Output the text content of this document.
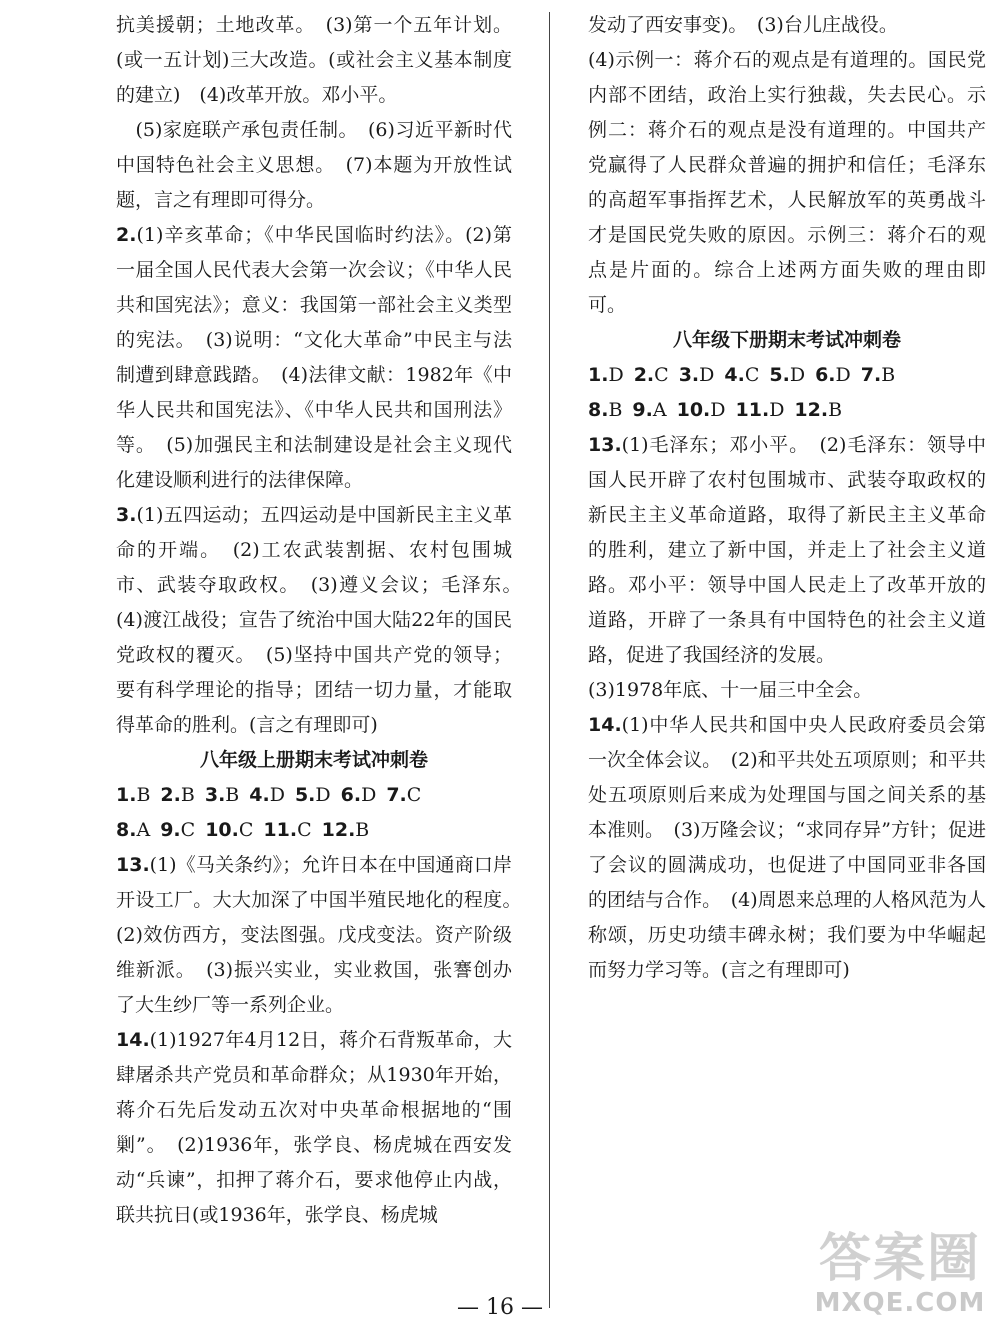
抗美援朝；土地改革。　(3)第一个五年计划。(或一五计划)三大改造。(或社会主义基本制度的建立)　(4)改革开放。邓小平。

　(5)家庭联产承包责任制。　(6)习近平新时代中国特色社会主义思想。　(7)本题为开放性试题，言之有理即可得分。

2.(1)辛亥革命；《中华民国临时约法》。(2)第一届全国人民代表大会第一次会议；《中华人民共和国宪法》；意义：我国第一部社会主义类型的宪法。　(3)说明：“文化大革命”中民主与法制遭到肆意践踏。　(4)法律文献：1982年《中华人民共和国宪法》、《中华人民共和国刑法》等。　(5)加强民主和法制建设是社会主义现代化建设顺利进行的法律保障。

3.(1)五四运动；五四运动是中国新民主主义革命的开端。　(2)工农武装割据、农村包围城市、武装夺取政权。　(3)遵义会议；毛泽东。　(4)渡江战役；宣告了统治中国大陆22年的国民党政权的覆灭。　(5)坚持中国共产党的领导；要有科学理论的指导；团结一切力量，才能取得革命的胜利。(言之有理即可)

八年级上册期末考试冲刺卷
1.B 2.B 3.B 4.D 5.D 6.D 7.C
8.A 9.C 10.C 11.C 12.B

13.(1)《马关条约》；允许日本在中国通商口岸开设工厂。大大加深了中国半殖民地化的程度。　(2)效仿西方，变法图强。戊戌变法。资产阶级维新派。　(3)振兴实业，实业救国，张謇创办了大生纱厂等一系列企业。

14.(1)1927年4月12日，蒋介石背叛革命，大肆屠杀共产党员和革命群众；从1930年开始，蒋介石先后发动五次对中央革命根据地的“围剿”。　(2)1936年，张学良、杨虎城在西安发动“兵谏”，扣押了蒋介石，要求他停止内战，联共抗日(或1936年，张学良、杨虎城

发动了西安事变)。　(3)台儿庄战役。

(4)示例一：蒋介石的观点是有道理的。国民党内部不团结，政治上实行独裁，失去民心。示例二：蒋介石的观点是没有道理的。中国共产党赢得了人民群众普遍的拥护和信任；毛泽东的高超军事指挥艺术，人民解放军的英勇战斗才是国民党失败的原因。示例三：蒋介石的观点是片面的。综合上述两方面失败的理由即可。

八年级下册期末考试冲刺卷
1.D 2.C 3.D 4.C 5.D 6.D 7.B
8.B 9.A 10.D 11.D 12.B

13.(1)毛泽东；邓小平。　(2)毛泽东：领导中国人民开辟了农村包围城市、武装夺取政权的新民主主义革命道路，取得了新民主主义革命的胜利，建立了新中国，并走上了社会主义道路。邓小平：领导中国人民走上了改革开放的道路，开辟了一条具有中国特色的社会主义道路，促进了我国经济的发展。

(3)1978年底、十一届三中全会。

14.(1)中华人民共和国中央人民政府委员会第一次全体会议。　(2)和平共处五项原则；和平共处五项原则后来成为处理国与国之间关系的基本准则。　(3)万隆会议；“求同存异”方针；促进了会议的圆满成功，也促进了中国同亚非各国的团结与合作。　(4)周恩来总理的人格风范为人称颂，历史功绩丰碑永树；我们要为中华崛起而努力学习等。(言之有理即可)

— 16 —
答案圈
MXQE.COM
